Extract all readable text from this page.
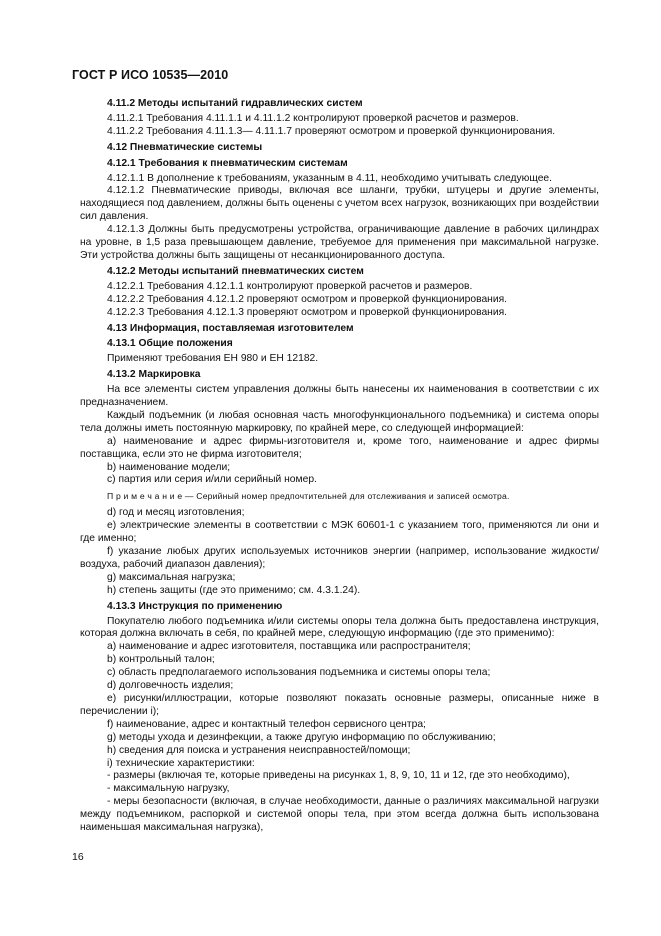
ГОСТ Р ИСО 10535—2010

4.11.2 Методы испытаний гидравлических систем

4.11.2.1 Требования 4.11.1.1 и 4.11.1.2 контролируют проверкой расчетов и размеров.

4.11.2.2 Требования 4.11.1.3— 4.11.1.7 проверяют осмотром и проверкой функционирования.

4.12 Пневматические системы

4.12.1 Требования к пневматическим системам

4.12.1.1 В дополнение к требованиям, указанным в 4.11, необходимо учитывать следующее.

4.12.1.2 Пневматические приводы, включая все шланги, трубки, штуцеры и другие элементы, находящиеся под давлением, должны быть оценены с учетом всех нагрузок, возникающих при воздействии сил давления.

4.12.1.3 Должны быть предусмотрены устройства, ограничивающие давление в рабочих цилиндрах на уровне, в 1,5 раза превышающем давление, требуемое для применения при максимальной нагрузке. Эти устройства должны быть защищены от несанкционированного доступа.

4.12.2 Методы испытаний пневматических систем

4.12.2.1 Требования 4.12.1.1 контролируют проверкой расчетов и размеров.

4.12.2.2 Требования 4.12.1.2 проверяют осмотром и проверкой функционирования.

4.12.2.3 Требования 4.12.1.3 проверяют осмотром и проверкой функционирования.

4.13 Информация, поставляемая изготовителем

4.13.1 Общие положения

Применяют требования ЕН 980 и ЕН 12182.

4.13.2 Маркировка

На все элементы систем управления должны быть нанесены их наименования в соответствии с их предназначением.

Каждый подъемник (и любая основная часть многофункционального подъемника) и система опоры тела должны иметь постоянную маркировку, по крайней мере, со следующей информацией:

a) наименование и адрес фирмы-изготовителя и, кроме того, наименование и адрес фирмы поставщика, если это не фирма изготовителя;

b) наименование модели;

c) партия или серия и/или серийный номер.

П р и м е ч а н и е — Серийный номер предпочтительней для отслеживания и записей осмотра.

d) год и месяц изготовления;

e) электрические элементы в соответствии с МЭК 60601-1 с указанием того, применяются ли они и где именно;

f) указание любых других используемых источников энергии (например, использование жидкости/воздуха, рабочий диапазон давления);

g) максимальная нагрузка;

h) степень защиты (где это применимо; см. 4.3.1.24).

4.13.3 Инструкция по применению

Покупателю любого подъемника и/или системы опоры тела должна быть предоставлена инструкция, которая должна включать в себя, по крайней мере, следующую информацию (где это применимо):

a) наименование и адрес изготовителя, поставщика или распространителя;

b) контрольный талон;

c) область предполагаемого использования подъемника и системы опоры тела;

d) долговечность изделия;

e) рисунки/иллюстрации, которые позволяют показать основные размеры, описанные ниже в перечислении i);

f) наименование, адрес и контактный телефон сервисного центра;

g) методы ухода и дезинфекции, а также другую информацию по обслуживанию;

h) сведения для поиска и устранения неисправностей/помощи;

i) технические характеристики:

- размеры (включая те, которые приведены на рисунках 1, 8, 9, 10, 11 и 12, где это необходимо),

- максимальную нагрузку,

- меры безопасности (включая, в случае необходимости, данные о различиях максимальной нагрузки между подъемником, распоркой и системой опоры тела, при этом всегда должна быть использована наименьшая максимальная нагрузка),

16
